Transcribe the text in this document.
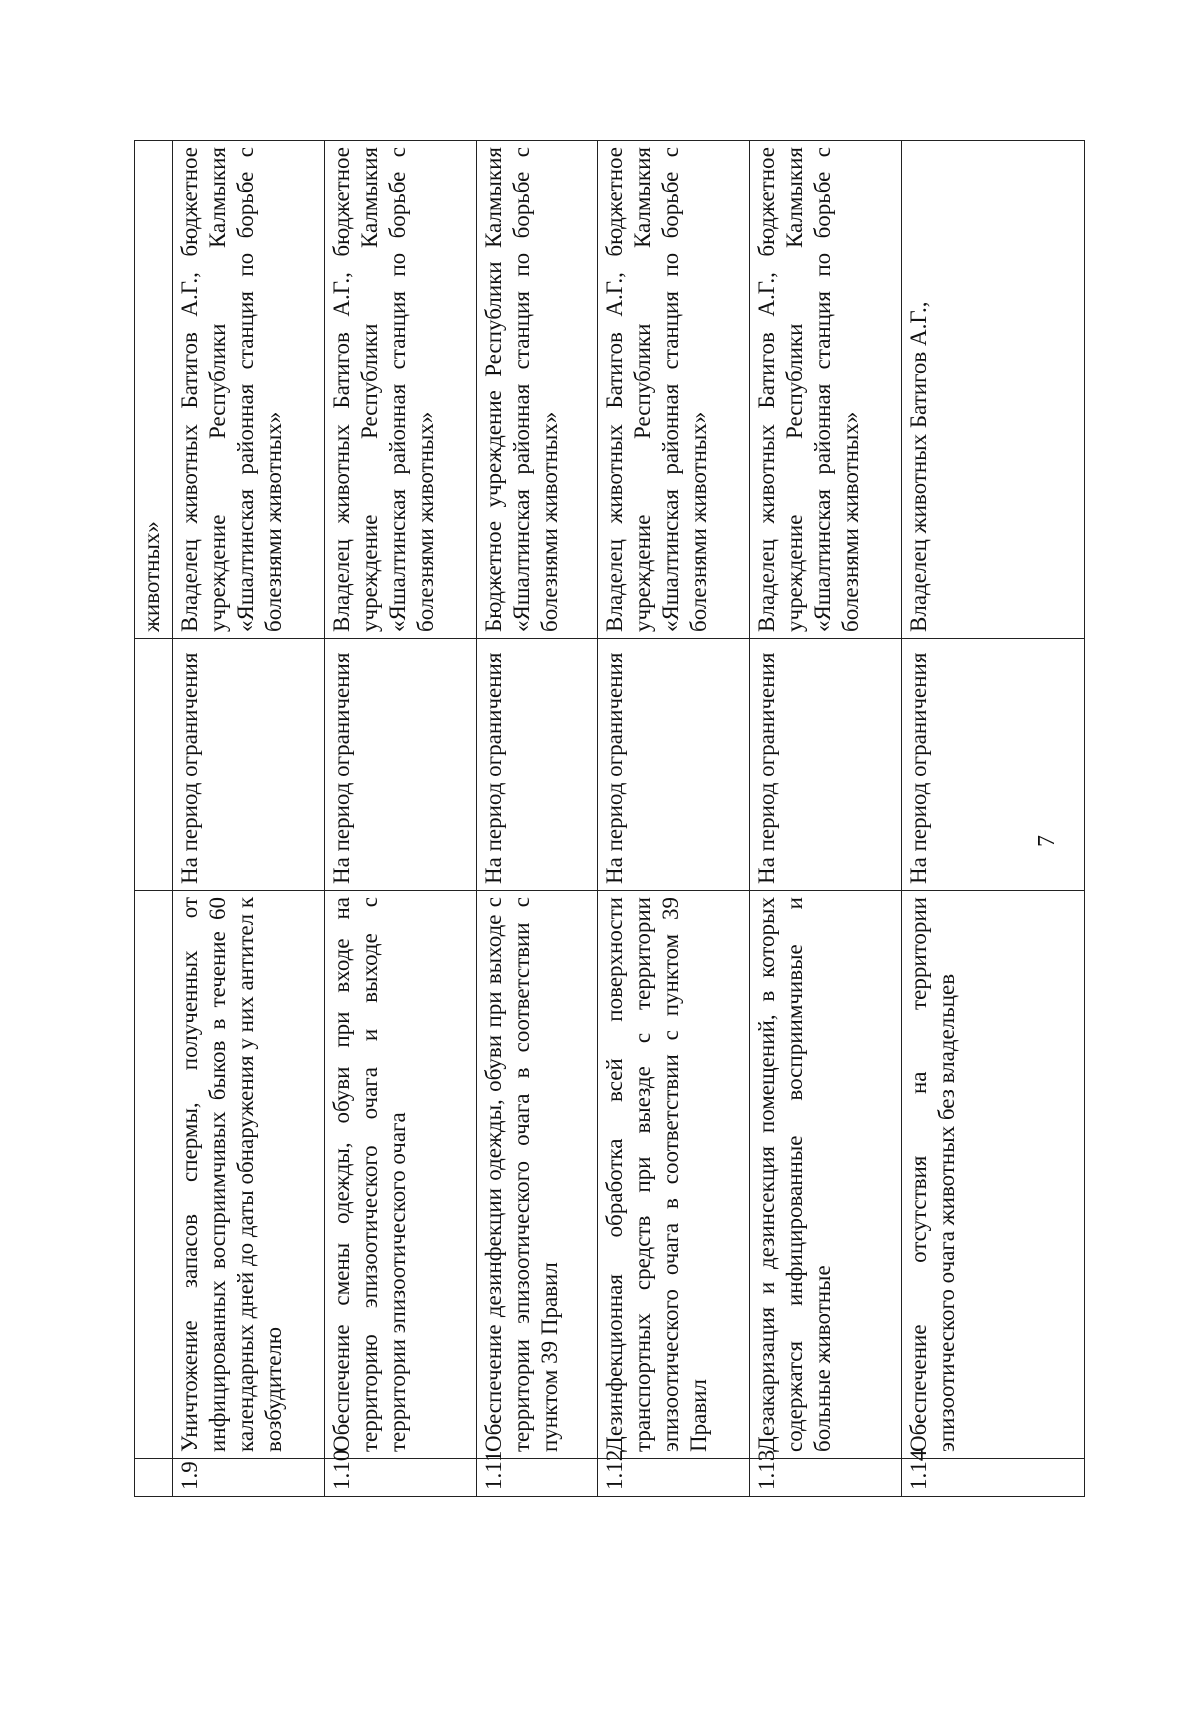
			животных»
1.9	Уничтожение запасов спермы, полученных от инфицированных восприимчивых быков в течение 60 календарных дней до даты обнаружения у них антител к возбудителю	На период ограничения	Владелец животных Батигов А.Г., бюджетное учреждение Республики Калмыкия «Яшалтинская районная станция по борьбе с болезнями животных»
1.10	Обеспечение смены одежды, обуви при входе на территорию эпизоотического очага и выходе с территории эпизоотического очага	На период ограничения	Владелец животных Батигов А.Г., бюджетное учреждение Республики Калмыкия «Яшалтинская районная станция по борьбе с болезнями животных»
1.11	Обеспечение дезинфекции одежды, обуви при выходе с территории эпизоотического очага в соответствии с пунктом 39 Правил	На период ограничения	Бюджетное учреждение Республики Калмыкия «Яшалтинская районная станция по борьбе с болезнями животных»
1.12	Дезинфекционная обработка всей поверхности транспортных средств при выезде с территории эпизоотического очага в соответствии с пунктом 39 Правил	На период ограничения	Владелец животных Батигов А.Г., бюджетное учреждение Республики Калмыкия «Яшалтинская районная станция по борьбе с болезнями животных»
1.13	Дезакаризация и дезинсекция помещений, в которых содержатся инфицированные восприимчивые и больные животные	На период ограничения	Владелец животных Батигов А.Г., бюджетное учреждение Республики Калмыкия «Яшалтинская районная станция по борьбе с болезнями животных»
1.14	Обеспечение отсутствия на территории эпизоотического очага животных без владельцев	На период ограничения	Владелец животных Батигов А.Г.,
7
